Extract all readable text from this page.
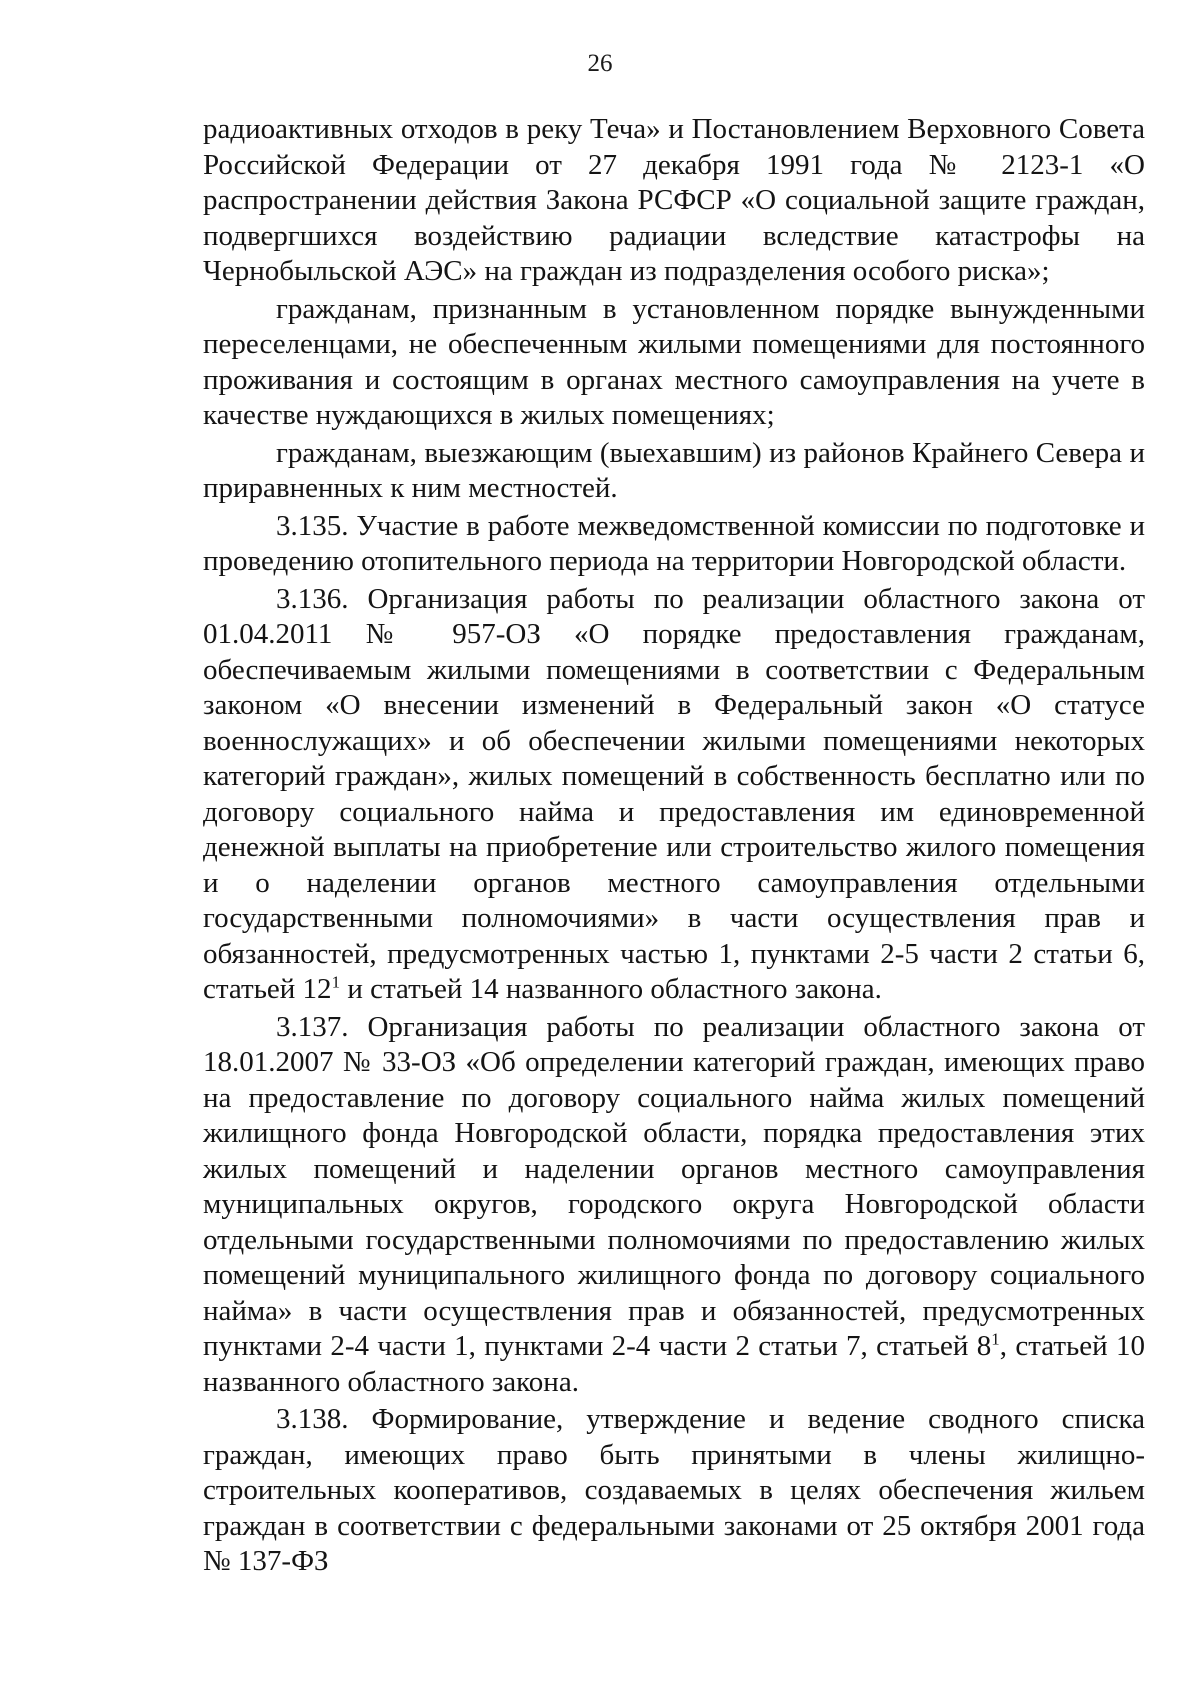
26

радиоактивных отходов в реку Теча» и Постановлением Верховного Совета Российской Федерации от 27 декабря 1991 года № 2123-1 «О распространении действия Закона РСФСР «О социальной защите граждан, подвергшихся воздействию радиации вследствие катастрофы на Чернобыльской АЭС» на граждан из подразделения особого риска»;

гражданам, признанным в установленном порядке вынужденными переселенцами, не обеспеченным жилыми помещениями для постоянного проживания и состоящим в органах местного самоуправления на учете в качестве нуждающихся в жилых помещениях;

гражданам, выезжающим (выехавшим) из районов Крайнего Севера и приравненных к ним местностей.

3.135. Участие в работе межведомственной комиссии по подготовке и проведению отопительного периода на территории Новгородской области.

3.136. Организация работы по реализации областного закона от 01.04.2011 № 957-ОЗ «О порядке предоставления гражданам, обеспечиваемым жилыми помещениями в соответствии с Федеральным законом «О внесении изменений в Федеральный закон «О статусе военнослужащих» и об обеспечении жилыми помещениями некоторых категорий граждан», жилых помещений в собственность бесплатно или по договору социального найма и предоставления им единовременной денежной выплаты на приобретение или строительство жилого помещения и о наделении органов местного самоуправления отдельными государственными полномочиями» в части осуществления прав и обязанностей, предусмотренных частью 1, пунктами 2-5 части 2 статьи 6, статьей $12^1$ и статьей 14 названного областного закона.

3.137. Организация работы по реализации областного закона от 18.01.2007 № 33-ОЗ «Об определении категорий граждан, имеющих право на предоставление по договору социального найма жилых помещений жилищного фонда Новгородской области, порядка предоставления этих жилых помещений и наделении органов местного самоуправления муниципальных округов, городского округа Новгородской области отдельными государственными полномочиями по предоставлению жилых помещений муниципального жилищного фонда по договору социального найма» в части осуществления прав и обязанностей, предусмотренных пунктами 2-4 части 1, пунктами 2-4 части 2 статьи 7, статьей $8^1$, статьей 10 названного областного закона.

3.138. Формирование, утверждение и ведение сводного списка граждан, имеющих право быть принятыми в члены жилищно-строительных кооперативов, создаваемых в целях обеспечения жильем граждан в соответствии с федеральными законами от 25 октября 2001 года № 137-ФЗ
